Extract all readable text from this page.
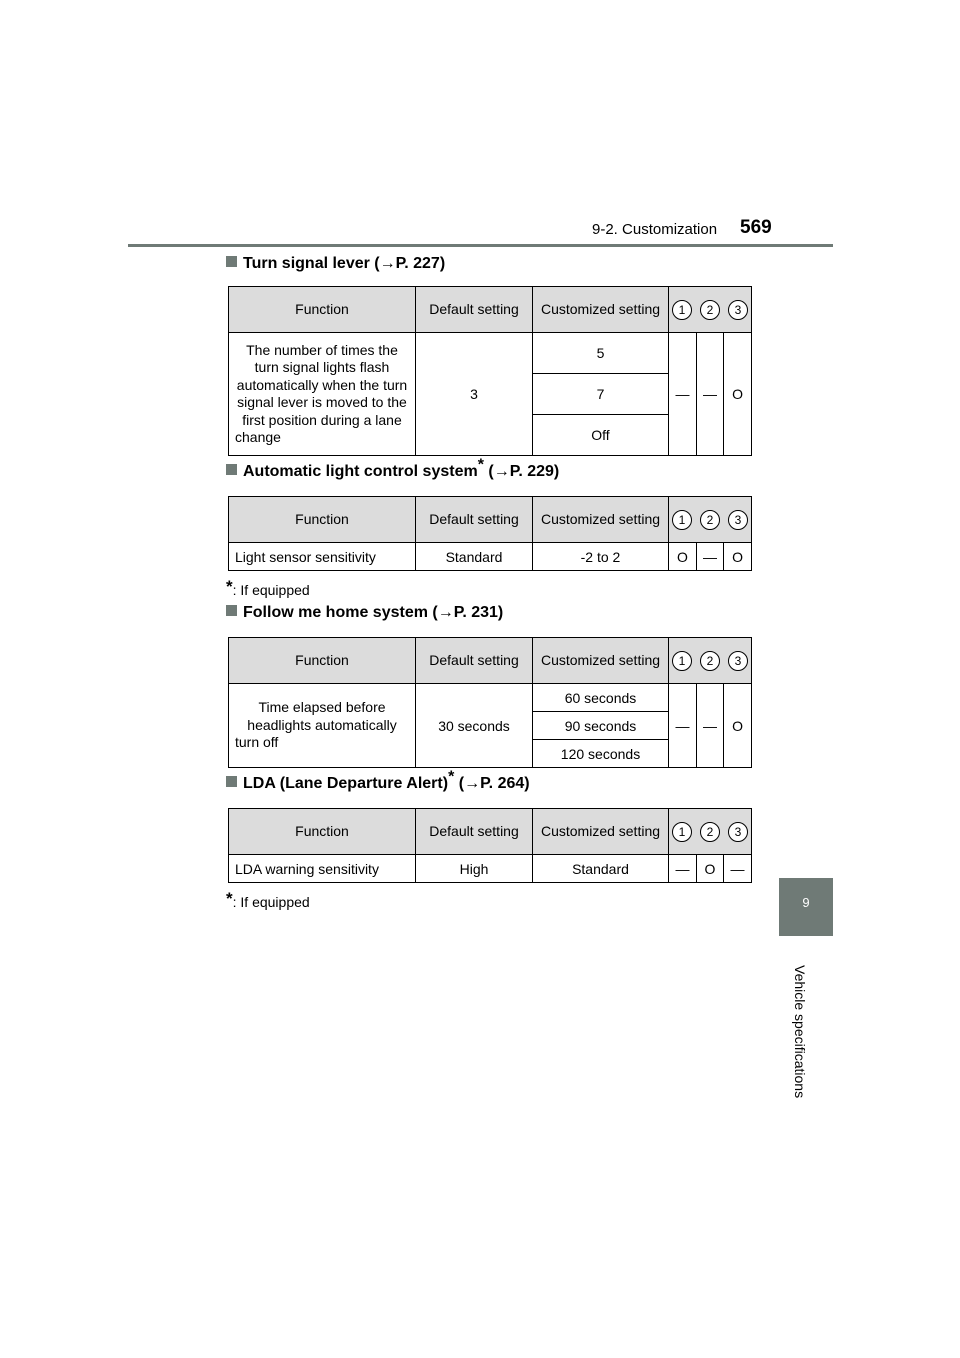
9-2. Customization 569
9
Vehicle specifications
Turn signal lever (→P. 227)
Function	Default setting	Customized setting	1 2 3		

The number of times the turn signal lights flash automatically when the turn signal lever is moved to the first position during a lane change	3	5	—	—	O
		7			
		Off			
Automatic light control system* (→P. 229)
Function	Default setting	Customized setting	1 2 3		

Light sensor sensitivity	Standard	-2 to 2	O	—	O
*: If equipped
Follow me home system (→P. 231)
Function	Default setting	Customized setting	1 2 3		

Time elapsed before headlights automatically turn off	30 seconds	60 seconds	—	—	O
		90 seconds			
		120 seconds			
LDA (Lane Departure Alert)* (→P. 264)
Function	Default setting	Customized setting	1 2 3		

LDA warning sensitivity	High	Standard	—	O	—
*: If equipped
